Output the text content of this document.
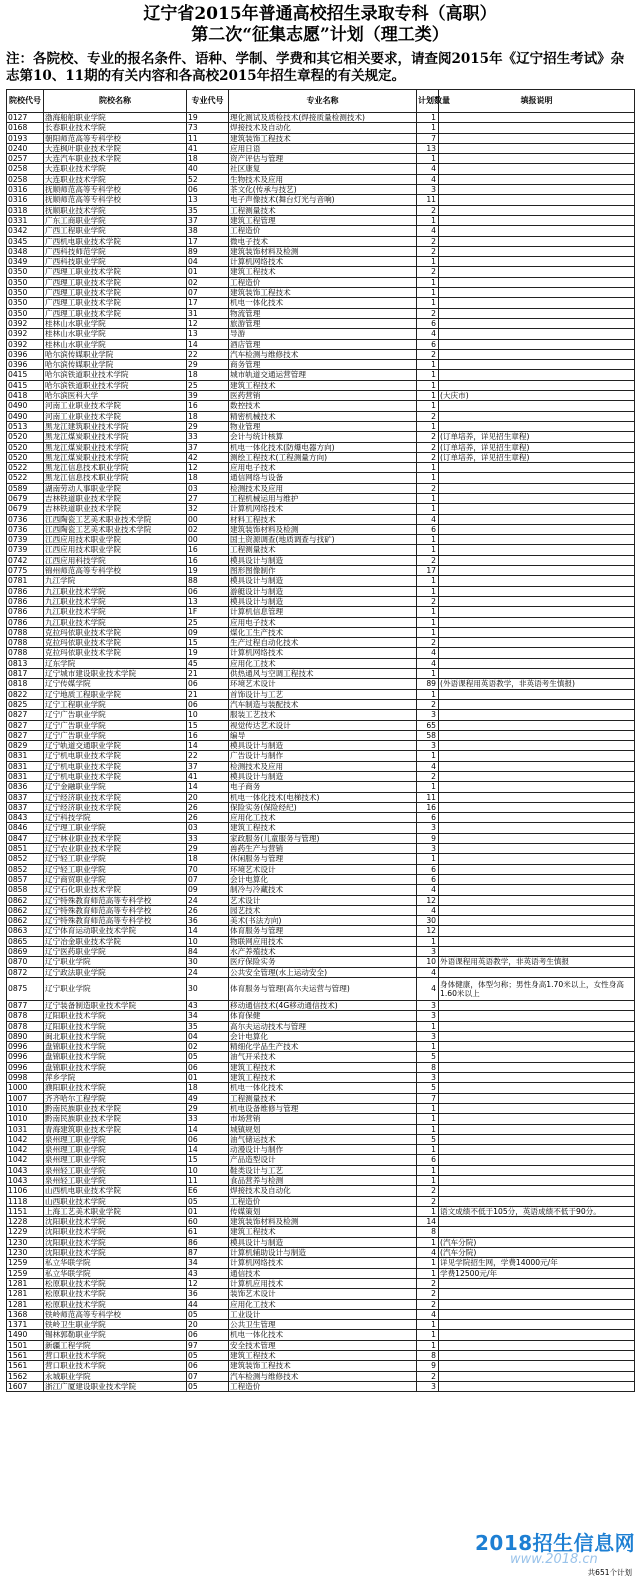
辽宁省2015年普通高校招生录取专科（高职）
第二次“征集志愿”计划（理工类）
注：各院校、专业的报名条件、语种、学制、学费和其它相关要求，请查阅2015年《辽宁招生考试》杂志第10、11期的有关内容和各高校2015年招生章程的有关规定。
院校代号	院校名称	专业代号	专业名称	计划数量	填报说明
0127	渤海船舶职业学院	19	理化测试及质检技术(焊接质量检测技术)	1	
0168	长春职业技术学院	73	焊接技术及自动化	1	
0193	朝阳师范高等专科学校	11	建筑装饰工程技术	7	
0240	大连枫叶职业技术学院	41	应用日语	13	
0257	大连汽车职业技术学院	18	资产评估与管理	1	
0258	大连职业技术学院	40	社区康复	4	
0258	大连职业技术学院	52	生物技术及应用	4	
0316	抚顺师范高等专科学校	06	茶文化(传承与技艺)	3	
0316	抚顺师范高等专科学校	13	电子声像技术(舞台灯光与音响)	11	
0318	抚顺职业技术学院	35	工程测量技术	2	
0331	广东工商职业学院	37	建筑工程管理	1	
0342	广西工程职业学院	38	工程造价	4	
0345	广西机电职业技术学院	17	微电子技术	2	
0348	广西科技师范学院	89	建筑装饰材料及检测	2	
0349	广西科技职业学院	04	计算机网络技术	1	
0350	广西理工职业技术学院	01	建筑工程技术	2	
0350	广西理工职业技术学院	02	工程造价	1	
0350	广西理工职业技术学院	07	建筑装饰工程技术	1	
0350	广西理工职业技术学院	17	机电一体化技术	1	
0350	广西理工职业技术学院	31	物流管理	2	
0392	桂林山水职业学院	12	旅游管理	6	
0392	桂林山水职业学院	13	导游	4	
0392	桂林山水职业学院	14	酒店管理	6	
0396	哈尔滨传媒职业学院	22	汽车检测与维修技术	2	
0396	哈尔滨传媒职业学院	29	商务管理	1	
0415	哈尔滨铁道职业技术学院	18	城市轨道交通运营管理	1	
0415	哈尔滨铁道职业技术学院	25	建筑工程技术	1	
0418	哈尔滨医科大学	39	医药营销	1	(大庆市)
0490	河南工业职业技术学院	16	数控技术	1	
0490	河南工业职业技术学院	18	精密机械技术	2	
0513	黑龙江建筑职业技术学院	29	物业管理	1	
0520	黑龙江煤炭职业技术学院	33	会计与统计核算	2	(订单培养，详见招生章程)
0520	黑龙江煤炭职业技术学院	37	机电一体化技术(防爆电器方向)	2	(订单培养，详见招生章程)
0520	黑龙江煤炭职业技术学院	42	测绘工程技术(工程测量方向)	2	(订单培养，详见招生章程)
0522	黑龙江信息技术职业学院	12	应用电子技术	1	
0522	黑龙江信息技术职业学院	18	通信网络与设备	1	
0589	湖南劳动人事职业学院	03	检测技术及应用	2	
0679	吉林铁道职业技术学院	27	工程机械运用与维护	1	
0679	吉林铁道职业技术学院	32	计算机网络技术	1	
0736	江西陶瓷工艺美术职业技术学院	00	材料工程技术	4	
0736	江西陶瓷工艺美术职业技术学院	02	建筑装饰材料及检测	6	
0739	江西应用技术职业学院	00	国土资源调查(地质调查与找矿)	1	
0739	江西应用技术职业学院	16	工程测量技术	1	
0742	江西应用科技学院	16	模具设计与制造	2	
0775	锦州师范高等专科学校	19	图形图像制作	17	
0781	九江学院	88	模具设计与制造	1	
0786	九江职业技术学院	06	游艇设计与制造	1	
0786	九江职业技术学院	13	模具设计与制造	2	
0786	九江职业技术学院	1F	计算机信息管理	1	
0786	九江职业技术学院	25	应用电子技术	1	
0788	克拉玛依职业技术学院	09	煤化工生产技术	1	
0788	克拉玛依职业技术学院	15	生产过程自动化技术	2	
0788	克拉玛依职业技术学院	19	计算机网络技术	4	
0813	辽东学院	45	应用化工技术	4	
0817	辽宁城市建设职业技术学院	21	供热通风与空调工程技术	1	
0818	辽宁传媒学院	06	环境艺术设计	89	(外语课程用英语教学，非英语考生慎报)
0822	辽宁地质工程职业学院	21	首饰设计与工艺	1	
0825	辽宁工程职业学院	06	汽车制造与装配技术	2	
0827	辽宁广告职业学院	10	服装工艺技术	3	
0827	辽宁广告职业学院	15	视觉传达艺术设计	65	
0827	辽宁广告职业学院	16	编导	58	
0829	辽宁轨道交通职业学院	14	模具设计与制造	3	
0831	辽宁机电职业技术学院	22	广告设计与制作	1	
0831	辽宁机电职业技术学院	37	检测技术及应用	4	
0831	辽宁机电职业技术学院	41	模具设计与制造	2	
0836	辽宁金融职业学院	14	电子商务	1	
0837	辽宁经济职业技术学院	20	机电一体化技术(电梯技术)	11	
0837	辽宁经济职业技术学院	26	保险实务(保险经纪)	16	
0843	辽宁科技学院	26	应用化工技术	6	
0846	辽宁理工职业学院	03	建筑工程技术	3	
0847	辽宁林业职业技术学院	33	家政服务(儿童服务与管理)	9	
0851	辽宁农业职业技术学院	29	兽药生产与营销	3	
0852	辽宁轻工职业学院	18	休闲服务与管理	1	
0852	辽宁轻工职业学院	70	环境艺术设计	6	
0857	辽宁商贸职业学院	07	会计电算化	6	
0858	辽宁石化职业技术学院	09	制冷与冷藏技术	4	
0862	辽宁特殊教育师范高等专科学校	24	艺术设计	12	
0862	辽宁特殊教育师范高等专科学校	26	园艺技术	4	
0862	辽宁特殊教育师范高等专科学校	36	美术(书法方向)	30	
0863	辽宁体育运动职业技术学院	14	体育服务与管理	12	
0865	辽宁冶金职业技术学院	10	物联网应用技术	1	
0869	辽宁医药职业学院	84	水产养殖技术	3	
0870	辽宁职业学院	30	医疗保险实务	10	外语课程用英语教学，非英语考生慎报
0872	辽宁政法职业学院	24	公共安全管理(水上运动安全)	4	
0875	辽宁职业学院	30	体育服务与管理(高尔夫运营与管理)	4	身体健康，体型匀称；男性身高1.70米以上，女性身高1.60米以上
0877	辽宁装备制造职业技术学院	43	移动通信技术(4G移动通信技术)	3	
0878	辽阳职业技术学院	34	体育保健	3	
0878	辽阳职业技术学院	35	高尔夫运动技术与管理	1	
0890	闽北职业技术学院	04	会计电算化	3	
0996	盘锦职业技术学院	02	精细化学品生产技术	1	
0996	盘锦职业技术学院	05	油气开采技术	5	
0996	盘锦职业技术学院	06	建筑工程技术	8	
0998	萍乡学院	01	建筑工程技术	3	
1000	濮阳职业技术学院	18	机电一体化技术	5	
1007	齐齐哈尔工程学院	49	工程测量技术	7	
1010	黔南民族职业技术学院	29	机电设备维修与管理	1	
1010	黔南民族职业技术学院	33	市场营销	1	
1031	青海建筑职业技术学院	14	城镇规划	1	
1042	泉州理工职业学院	06	油气储运技术	5	
1042	泉州理工职业学院	14	动漫设计与制作	1	
1042	泉州理工职业学院	15	产品造型设计	6	
1043	泉州轻工职业学院	10	鞋类设计与工艺	1	
1043	泉州轻工职业学院	11	食品营养与检测	1	
1106	山西机电职业技术学院	E6	焊接技术及自动化	2	
1118	山西职业技术学院	05	工程造价	2	
1151	上海工艺美术职业学院	01	传媒策划	1	语文成绩不低于105分，英语成绩不低于90分。
1228	沈阳职业技术学院	60	建筑装饰材料及检测	14	
1229	沈阳职业技术学院	61	建筑工程技术	8	
1230	沈阳职业技术学院	86	模具设计与制造	1	(汽车分院)
1230	沈阳职业技术学院	87	计算机辅助设计与制造	4	(汽车分院)
1259	私立华联学院	34	计算机网络技术	1	详见学院招生网，学费14000元/年
1259	私立华联学院	43	通信技术	1	学费12500元/年
1281	松原职业技术学院	12	计算机应用技术	2	
1281	松原职业技术学院	36	装饰艺术设计	2	
1281	松原职业技术学院	44	应用化工技术	2	
1368	铁岭师范高等专科学校	05	工业设计	4	
1371	铁岭卫生职业学院	20	公共卫生管理	1	
1490	锡林郭勒职业学院	06	机电一体化技术	1	
1501	新疆工程学院	97	安全技术管理	1	
1561	营口职业技术学院	05	建筑工程技术	8	
1561	营口职业技术学院	06	建筑装饰工程技术	9	
1562	永城职业学院	07	汽车检测与维修技术	2	
1607	浙江广厦建设职业技术学院	05	工程造价	3	
共651个计划
2018招生信息网
www.2018.cn
